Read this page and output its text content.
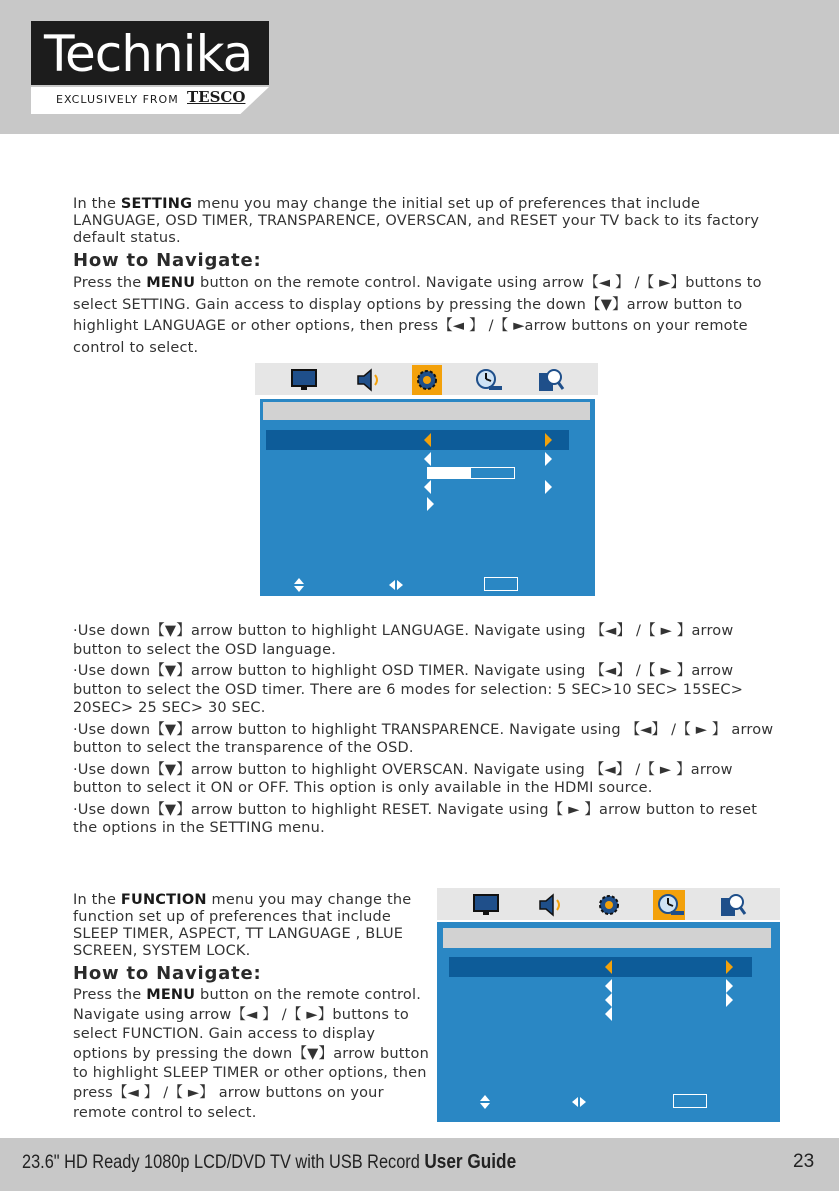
Technika
EXCLUSIVELY FROM TESCO

In the SETTING menu you may change the initial set up of preferences that include LANGUAGE, OSD TIMER, TRANSPARENCE, OVERSCAN, and RESET your TV back to its factory default status.

How to Navigate:

Press the MENU button on the remote control. Navigate using arrow【◄ 】 /【 ►】buttons to select SETTING. Gain access to display options by pressing the down【▼】arrow button to highlight LANGUAGE or other options, then press【◄ 】 /【 ►arrow buttons on your remote control to select.

·Use down【▼】arrow button to highlight LANGUAGE. Navigate using 【◄】 /【 ► 】arrow button to select the OSD language.

·Use down【▼】arrow button to highlight OSD TIMER. Navigate using 【◄】 /【 ► 】arrow button to select the OSD timer. There are 6 modes for selection: 5 SEC>10 SEC> 15SEC> 20SEC> 25 SEC> 30 SEC.

·Use down【▼】arrow button to highlight TRANSPARENCE. Navigate using 【◄】 /【 ► 】 arrow button to select the transparence of the OSD.

·Use down【▼】arrow button to highlight OVERSCAN. Navigate using 【◄】 /【 ► 】arrow button to select it ON or OFF. This option is only available in the HDMI source.

·Use down【▼】arrow button to highlight RESET. Navigate using【 ► 】arrow button to reset the options in the SETTING menu.

In the FUNCTION menu you may change the function set up of preferences that include SLEEP TIMER, ASPECT, TT LANGUAGE , BLUE SCREEN, SYSTEM LOCK.

How to Navigate:

Press the MENU button on the remote control. Navigate using arrow【◄ 】 /【 ►】buttons to select FUNCTION. Gain access to display options by pressing the down【▼】arrow button to highlight SLEEP TIMER or other options, then press【◄ 】 /【 ►】 arrow buttons on your remote control to select.

23.6" HD Ready 1080p LCD/DVD TV with USB Record User Guide	23
